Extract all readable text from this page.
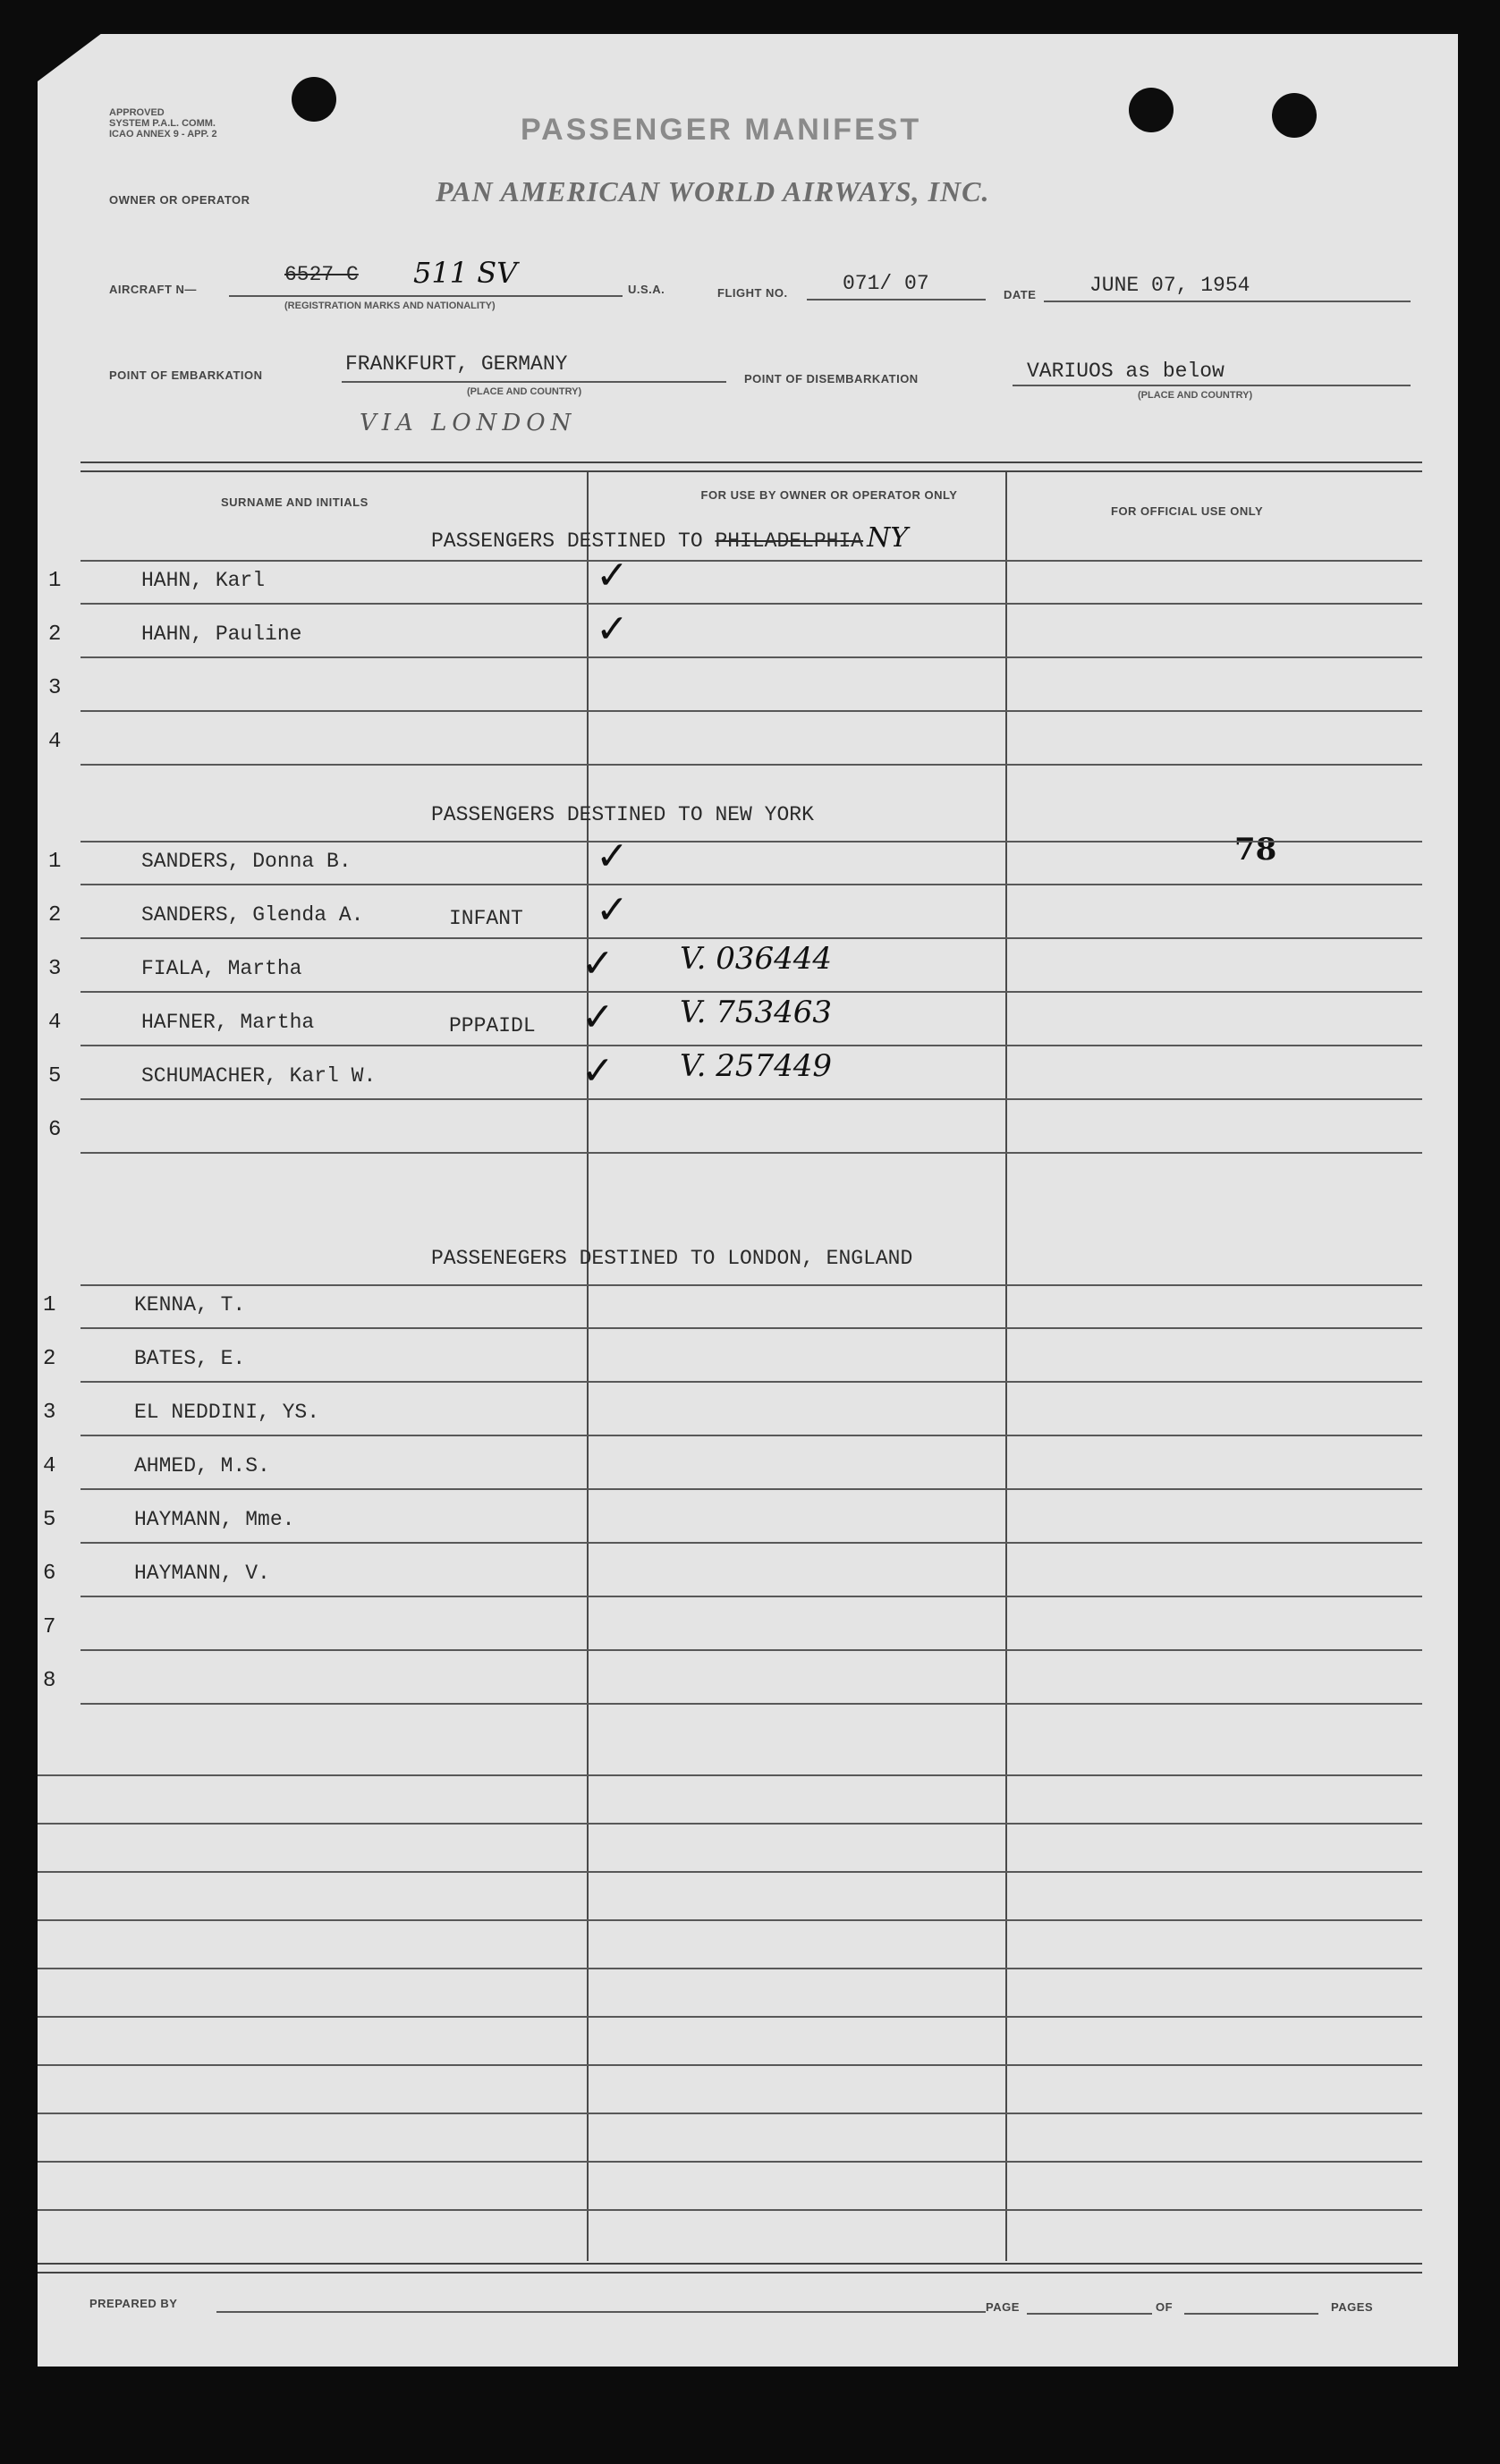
APPROVED
SYSTEM P.A.L. COMM.
ICAO ANNEX 9 - APP. 2	PASSENGER MANIFEST
OWNER OR OPERATOR	PAN AMERICAN WORLD AIRWAYS, INC.
AIRCRAFT N—
6527 C 511 SV
(REGISTRATION MARKS AND NATIONALITY)
U.S.A.	FLIGHT NO.	071/ 07	DATE	JUNE 07, 1954
POINT OF EMBARKATION	FRANKFURT, GERMANY
(PLACE AND COUNTRY)
POINT OF DISEMBARKATION	VARIUOS as below
(PLACE AND COUNTRY)
VIA LONDON
SURNAME AND INITIALS
FOR USE BY OWNER OR OPERATOR ONLY
FOR OFFICIAL USE ONLY
PREPARED BY	PAGE	OF	PAGES
PASSENGERS DESTINED TO PHILADELPHIA NY
1	HAHN, Karl	✓
2	HAHN, Pauline	✓
3
4
PASSENGERS DESTINED TO NEW YORK
78
1	SANDERS, Donna B.	✓
2	SANDERS, Glenda A.	INFANT ✓
3	FIALA, Martha	✓ V. 036444
4	HAFNER, Martha	PPPAIDL ✓ V. 753463
5	SCHUMACHER, Karl W.	✓ V. 257449
6
PASSENEGERS DESTINED TO LONDON, ENGLAND
1	KENNA, T.
2	BATES, E.
3	EL NEDDINI, YS.
4	AHMED, M.S.
5	HAYMANN, Mme.
6	HAYMANN, V.
7
8
